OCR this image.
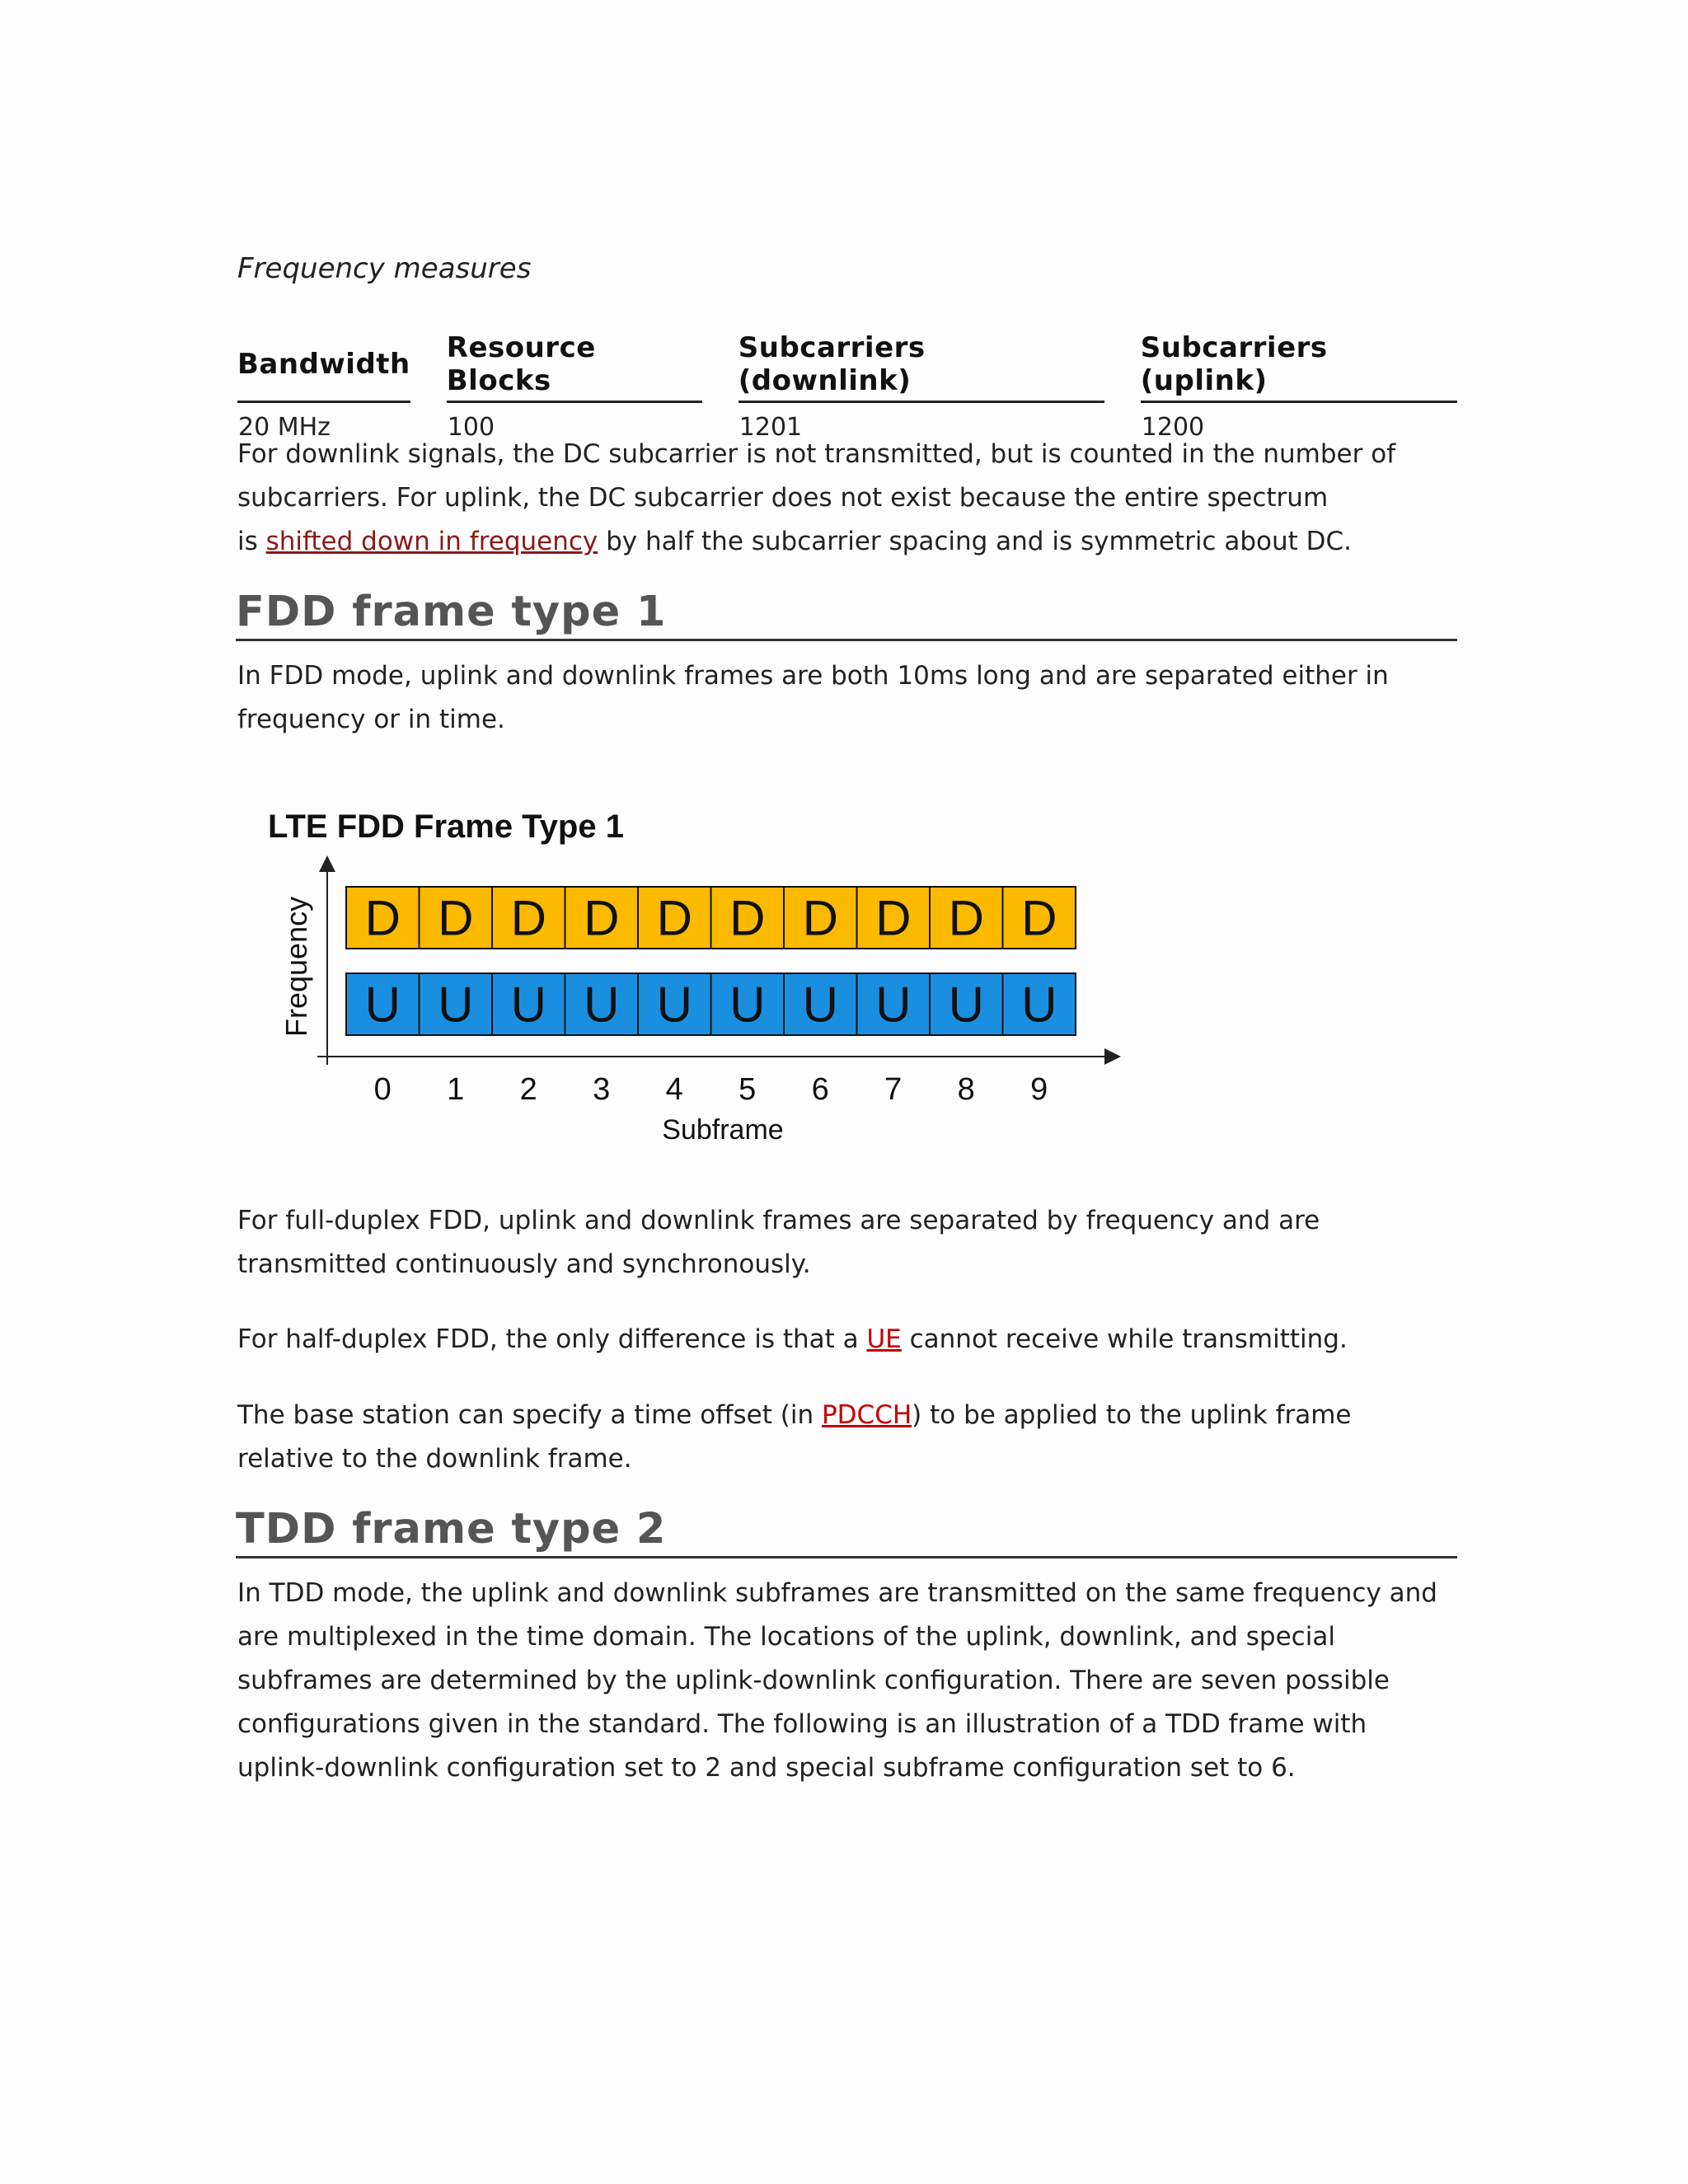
Frequency measures
Bandwidth		Resource Blocks		Subcarriers (downlink)		Subcarriers (uplink)
20 MHz		100		1201		1200

For downlink signals, the DC subcarrier is not transmitted, but is counted in the number of

subcarriers. For uplink, the DC subcarrier does not exist because the entire spectrum

is shifted down in frequency by half the subcarrier spacing and is symmetric about DC.

FDD frame type 1

In FDD mode, uplink and downlink frames are both 10ms long and are separated either in

frequency or in time.

LTE FDD Frame Type 1
Frequency
Subframe
D D D D D D D D D D
U U U U U U U U U U
0 1 2 3 4 5 6 7 8 9

For full-duplex FDD, uplink and downlink frames are separated by frequency and are

transmitted continuously and synchronously.

For half-duplex FDD, the only difference is that a UE cannot receive while transmitting.

The base station can specify a time offset (in PDCCH) to be applied to the uplink frame

relative to the downlink frame.

TDD frame type 2

In TDD mode, the uplink and downlink subframes are transmitted on the same frequency and

are multiplexed in the time domain. The locations of the uplink, downlink, and special

subframes are determined by the uplink-downlink configuration. There are seven possible

configurations given in the standard. The following is an illustration of a TDD frame with

uplink-downlink configuration set to 2 and special subframe configuration set to 6.
